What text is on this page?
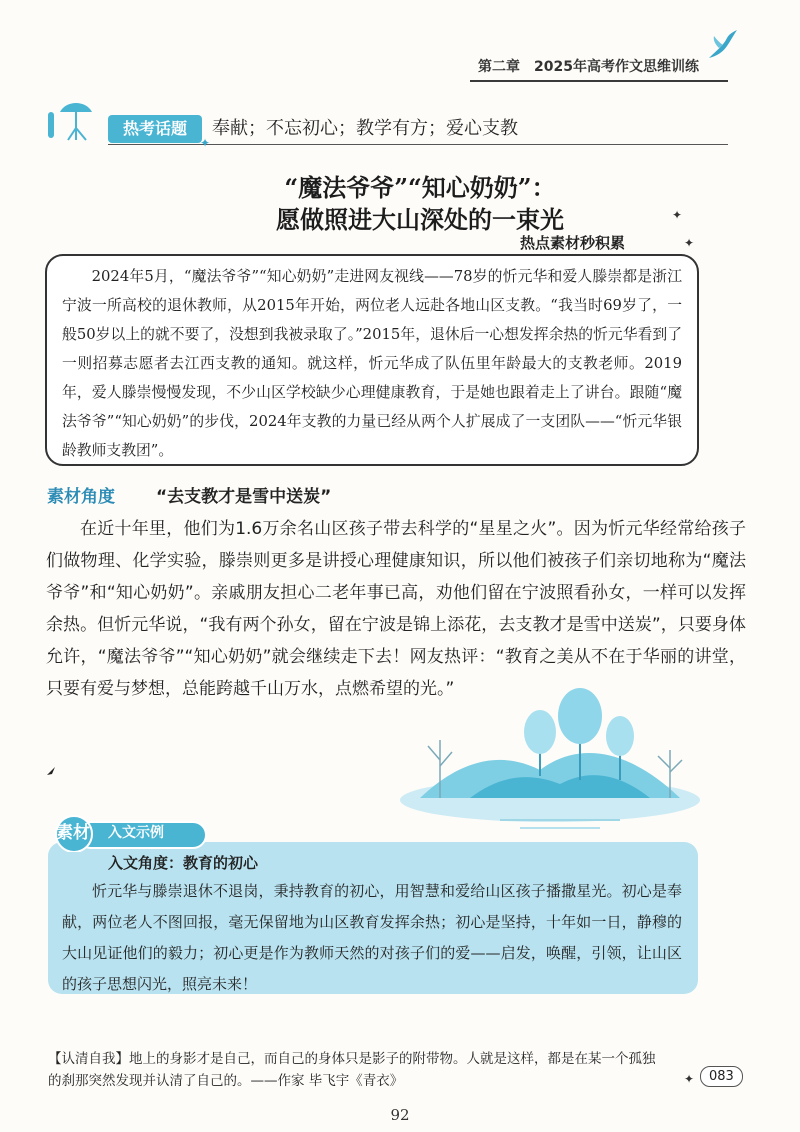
第二章 2025年高考作文思维训练
热考话题	奉献；不忘初心；教学有方；爱心支教
✦
“魔法爷爷”“知心奶奶”：
愿做照进大山深处的一束光	✦
热点素材秒积累	✦

2024年5月，“魔法爷爷”“知心奶奶”走进网友视线——78岁的忻元华和爱人滕崇都是浙江宁波一所高校的退休教师，从2015年开始，两位老人远赴各地山区支教。“我当时69岁了，一般50岁以上的就不要了，没想到我被录取了。”2015年，退休后一心想发挥余热的忻元华看到了一则招募志愿者去江西支教的通知。就这样，忻元华成了队伍里年龄最大的支教老师。2019年，爱人滕崇慢慢发现，不少山区学校缺少心理健康教育，于是她也跟着走上了讲台。跟随“魔法爷爷”“知心奶奶”的步伐，2024年支教的力量已经从两个人扩展成了一支团队——“忻元华银龄教师支教团”。

素材角度 “去支教才是雪中送炭”

在近十年里，他们为1.6万余名山区孩子带去科学的“星星之火”。因为忻元华经常给孩子们做物理、化学实验，滕崇则更多是讲授心理健康知识，所以他们被孩子们亲切地称为“魔法爷爷”和“知心奶奶”。亲戚朋友担心二老年事已高，劝他们留在宁波照看孙女，一样可以发挥余热。但忻元华说，“我有两个孙女，留在宁波是锦上添花，去支教才是雪中送炭”，只要身体允许，“魔法爷爷”“知心奶奶”就会继续走下去！网友热评：“教育之美从不在于华丽的讲堂，只要有爱与梦想，总能跨越千山万水，点燃希望的光。”

素材 入文示例
入文角度：教育的初心

忻元华与滕崇退休不退岗，秉持教育的初心，用智慧和爱给山区孩子播撒星光。初心是奉献，两位老人不图回报，毫无保留地为山区教育发挥余热；初心是坚持，十年如一日，静穆的大山见证他们的毅力；初心更是作为教师天然的对孩子们的爱——启发，唤醒，引领，让山区的孩子思想闪光，照亮未来！

【认清自我】地上的身影才是自己，而自己的身体只是影子的附带物。人就是这样，都是在某一个孤独的刹那突然发现并认清了自己的。——作家 毕飞宇《青衣》	✦	083
92
